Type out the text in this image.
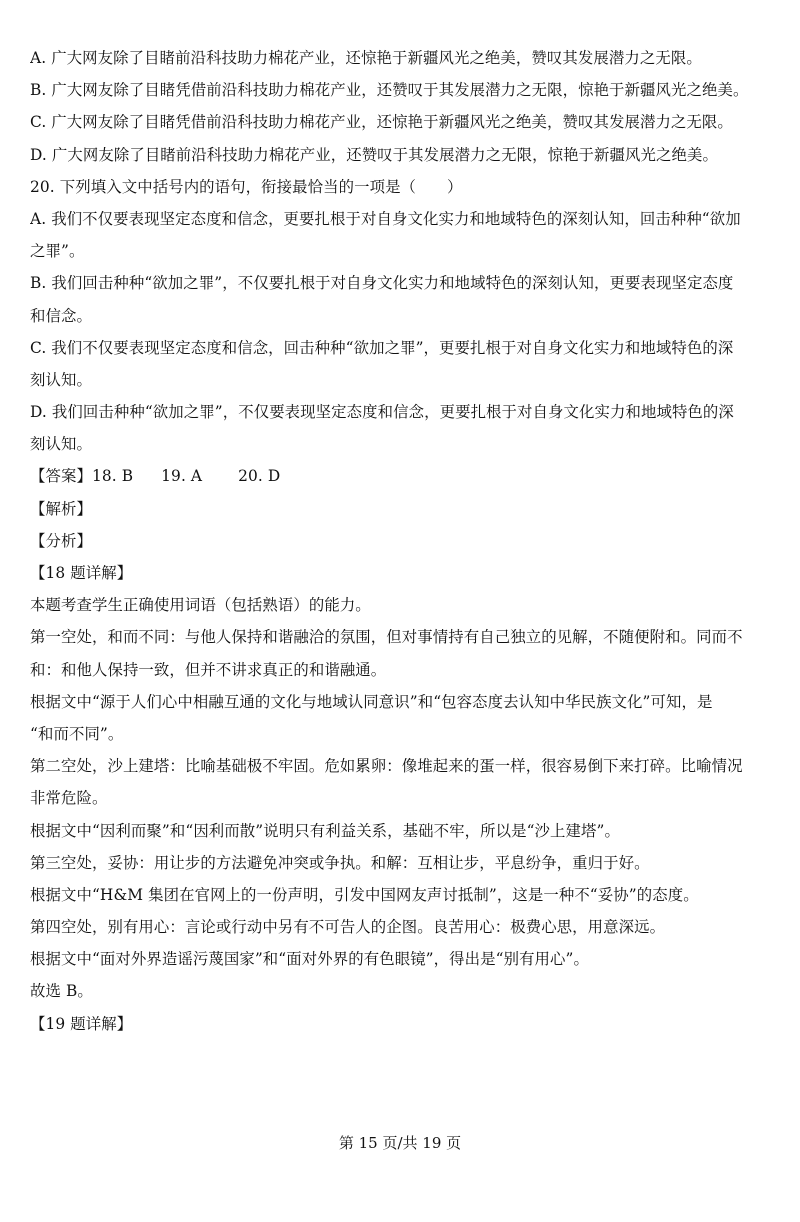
A. 广大网友除了目睹前沿科技助力棉花产业，还惊艳于新疆风光之绝美，赞叹其发展潜力之无限。
B. 广大网友除了目睹凭借前沿科技助力棉花产业，还赞叹于其发展潜力之无限，惊艳于新疆风光之绝美。
C. 广大网友除了目睹凭借前沿科技助力棉花产业，还惊艳于新疆风光之绝美，赞叹其发展潜力之无限。
D. 广大网友除了目睹前沿科技助力棉花产业，还赞叹于其发展潜力之无限，惊艳于新疆风光之绝美。
20. 下列填入文中括号内的语句，衔接最恰当的一项是（　　）
A. 我们不仅要表现坚定态度和信念，更要扎根于对自身文化实力和地域特色的深刻认知，回击种种“欲加
之罪”。
B. 我们回击种种“欲加之罪”，不仅要扎根于对自身文化实力和地域特色的深刻认知，更要表现坚定态度
和信念。
C. 我们不仅要表现坚定态度和信念，回击种种“欲加之罪”，更要扎根于对自身文化实力和地域特色的深
刻认知。
D. 我们回击种种“欲加之罪”，不仅要表现坚定态度和信念，更要扎根于对自身文化实力和地域特色的深
刻认知。
【答案】18. B 19. A 20. D
【解析】
【分析】
【18 题详解】
本题考查学生正确使用词语（包括熟语）的能力。
第一空处，和而不同：与他人保持和谐融洽的氛围，但对事情持有自己独立的见解，不随便附和。同而不
和：和他人保持一致，但并不讲求真正的和谐融通。
根据文中“源于人们心中相融互通的文化与地域认同意识”和“包容态度去认知中华民族文化”可知，是
“和而不同”。
第二空处，沙上建塔：比喻基础极不牢固。危如累卵：像堆起来的蛋一样，很容易倒下来打碎。比喻情况
非常危险。
根据文中“因利而聚”和“因利而散”说明只有利益关系，基础不牢，所以是“沙上建塔”。
第三空处，妥协：用让步的方法避免冲突或争执。和解：互相让步，平息纷争，重归于好。
根据文中“H&M 集团在官网上的一份声明，引发中国网友声讨抵制”，这是一种不“妥协”的态度。
第四空处，别有用心：言论或行动中另有不可告人的企图。良苦用心：极费心思，用意深远。
根据文中“面对外界造谣污蔑国家”和“面对外界的有色眼镜”，得出是“别有用心”。
故选 B。
【19 题详解】
第 15 页/共 19 页
